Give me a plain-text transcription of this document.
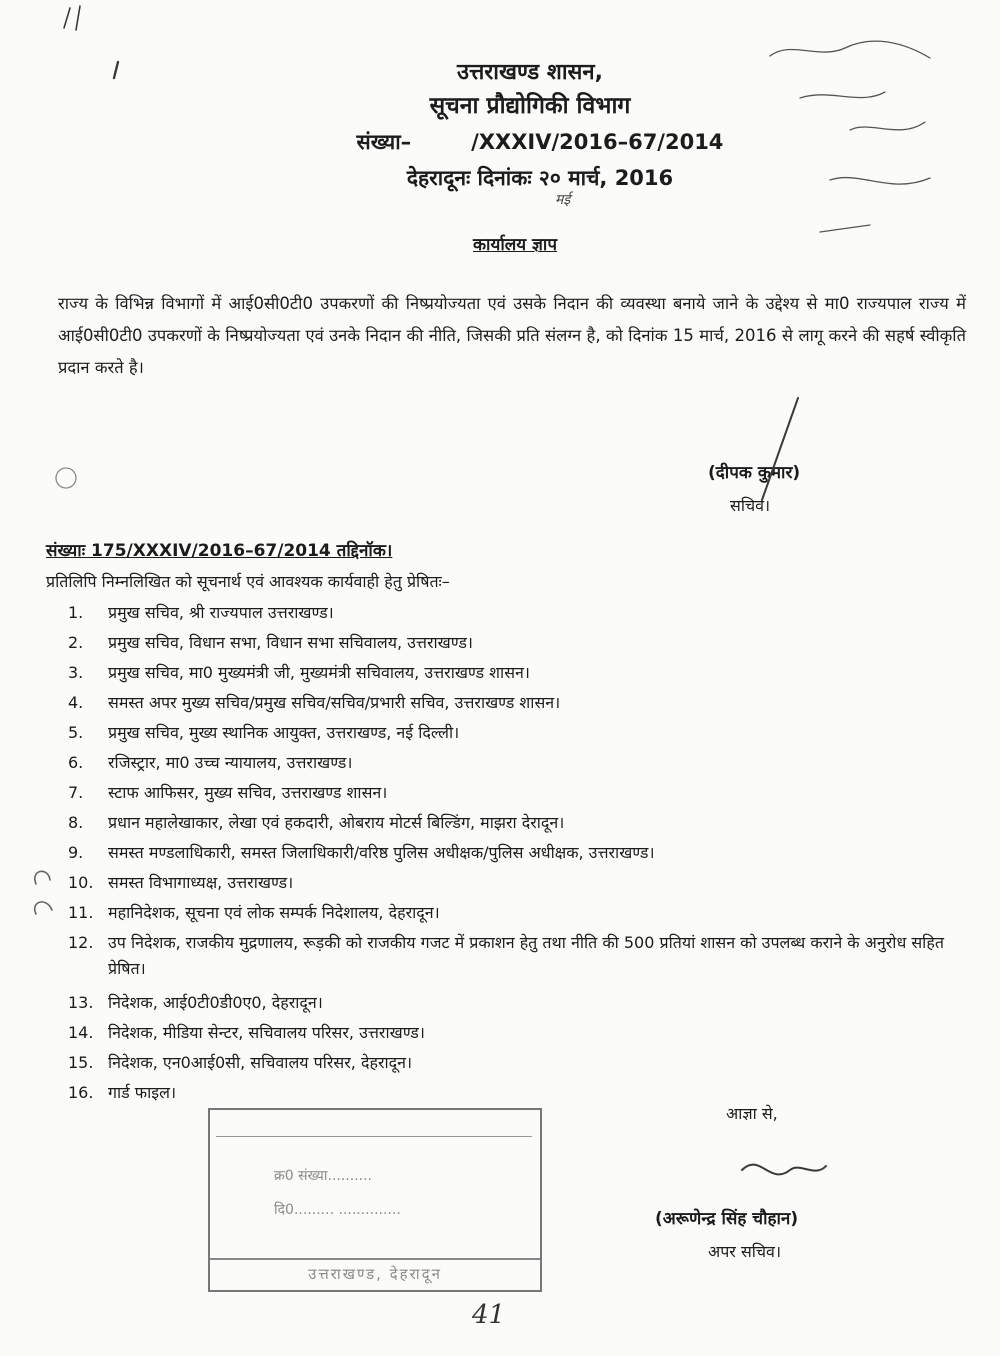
उत्तराखण्ड शासन,
सूचना प्रौद्योगिकी विभाग
संख्या–	/XXXIV/2016–67/2014
देहरादूनः दिनांकः २० मार्च, 2016
मई
कार्यालय ज्ञाप
राज्य के विभिन्न विभागों में आई0सी0टी0 उपकरणों की निष्प्रयोज्यता एवं उसके निदान की व्यवस्था बनाये जाने के उद्देश्य से मा0 राज्यपाल राज्य में आई0सी0टी0 उपकरणों के निष्प्रयोज्यता एवं उनके निदान की नीति, जिसकी प्रति संलग्न है, को दिनांक 15 मार्च, 2016 से लागू करने की सहर्ष स्वीकृति प्रदान करते है।
(दीपक कुमार)
सचिव।
संख्याः 175/XXXIV/2016–67/2014 तद्दिनॉक।
प्रतिलिपि निम्नलिखित को सूचनार्थ एवं आवश्यक कार्यवाही हेतु प्रेषितः–
1.	प्रमुख सचिव, श्री राज्यपाल उत्तराखण्ड।
2.	प्रमुख सचिव, विधान सभा, विधान सभा सचिवालय, उत्तराखण्ड।
3.	प्रमुख सचिव, मा0 मुख्यमंत्री जी, मुख्यमंत्री सचिवालय, उत्तराखण्ड शासन।
4.	समस्त अपर मुख्य सचिव/प्रमुख सचिव/सचिव/प्रभारी सचिव, उत्तराखण्ड शासन।
5.	प्रमुख सचिव, मुख्य स्थानिक आयुक्त, उत्तराखण्ड, नई दिल्ली।
6.	रजिस्ट्रार, मा0 उच्च न्यायालय, उत्तराखण्ड।
7.	स्टाफ आफिसर, मुख्य सचिव, उत्तराखण्ड शासन।
8.	प्रधान महालेखाकार, लेखा एवं हकदारी, ओबराय मोटर्स बिल्डिंग, माझरा देरादून।
9.	समस्त मण्डलाधिकारी, समस्त जिलाधिकारी/वरिष्ठ पुलिस अधीक्षक/पुलिस अधीक्षक, उत्तराखण्ड।
10. समस्त विभागाध्यक्ष, उत्तराखण्ड।
11. महानिदेशक, सूचना एवं लोक सम्पर्क निदेशालय, देहरादून।
12. उप निदेशक, राजकीय मुद्रणालय, रूड़की को राजकीय गजट में प्रकाशन हेतु तथा नीति की 500 प्रतियां शासन को उपलब्ध कराने के अनुरोध सहित प्रेषित।
13. निदेशक, आई0टी0डी0ए0, देहरादून।
14. निदेशक, मीडिया सेन्टर, सचिवालय परिसर, उत्तराखण्ड।
15. निदेशक, एन0आई0सी, सचिवालय परिसर, देहरादून।
16. गार्ड फाइल।
आज्ञा से,
(अरूणेन्द्र सिंह चौहान)
अपर सचिव।
क्र0 संख्या..........
दि0......... ..............
उत्तराखण्ड, देहरादून
41
